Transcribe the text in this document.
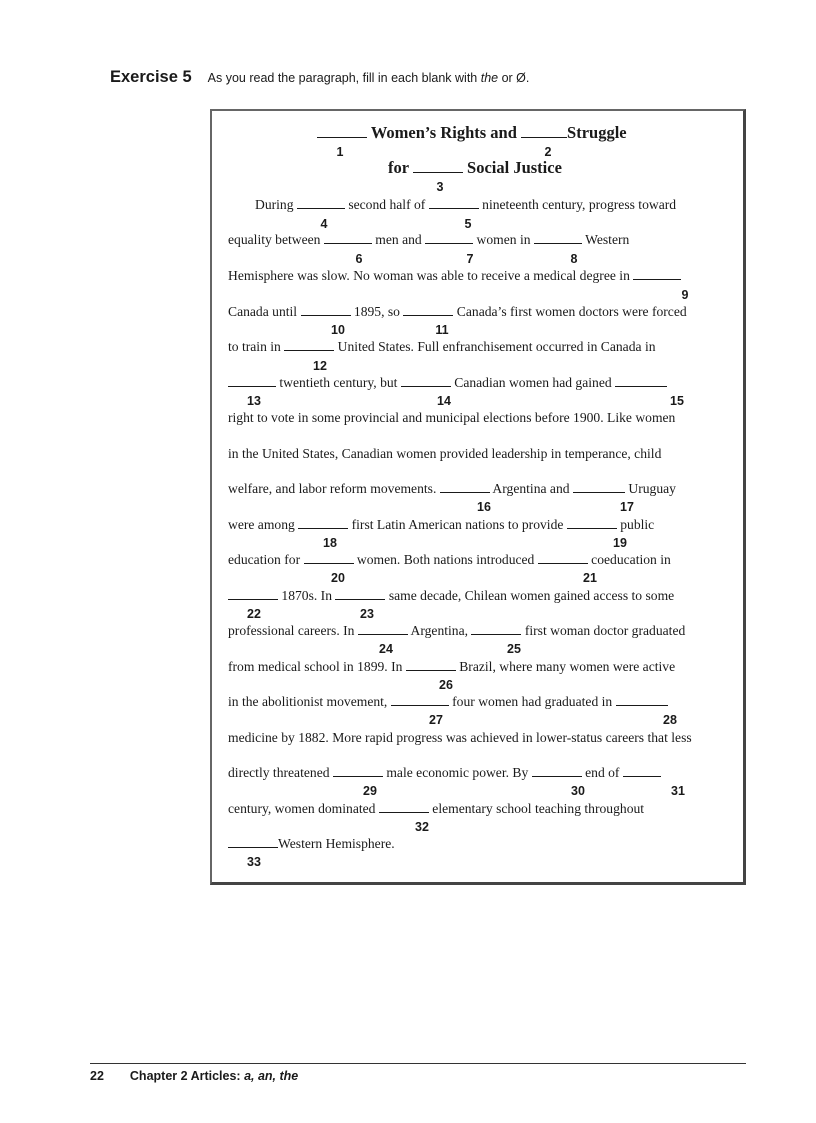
Exercise 5 As you read the paragraph, fill in each blank with the or Ø.
Women’s Rights and	Struggle
1	2
for	Social Justice
3
During	second half of	nineteenth century, progress toward
4	5
equality between	men and	women in	Western
6	7	8
Hemisphere was slow. No woman was able to receive a medical degree in
9
Canada until	1895, so	Canada’s first women doctors were forced
10	11
to train in	United States. Full enfranchisement occurred in Canada in
12
twentieth century, but	Canadian women had gained
13	14	15
right to vote in some provincial and municipal elections before 1900. Like women
in the United States, Canadian women provided leadership in temperance, child
welfare, and labor reform movements.	Argentina and	Uruguay
16	17
were among	first Latin American nations to provide	public
18	19
education for	women. Both nations introduced	coeducation in
20	21
1870s. In	same decade, Chilean women gained access to some
22	23
professional careers. In	Argentina,	first woman doctor graduated
24	25
from medical school in 1899. In	Brazil, where many women were active
26
in the abolitionist movement,	four women had graduated in
27	28
medicine by 1882. More rapid progress was achieved in lower-status careers that less
directly threatened	male economic power. By	end of
29	30	31
century, women dominated	elementary school teaching throughout
32
Western Hemisphere.
33
22 Chapter 2 Articles: a, an, the
